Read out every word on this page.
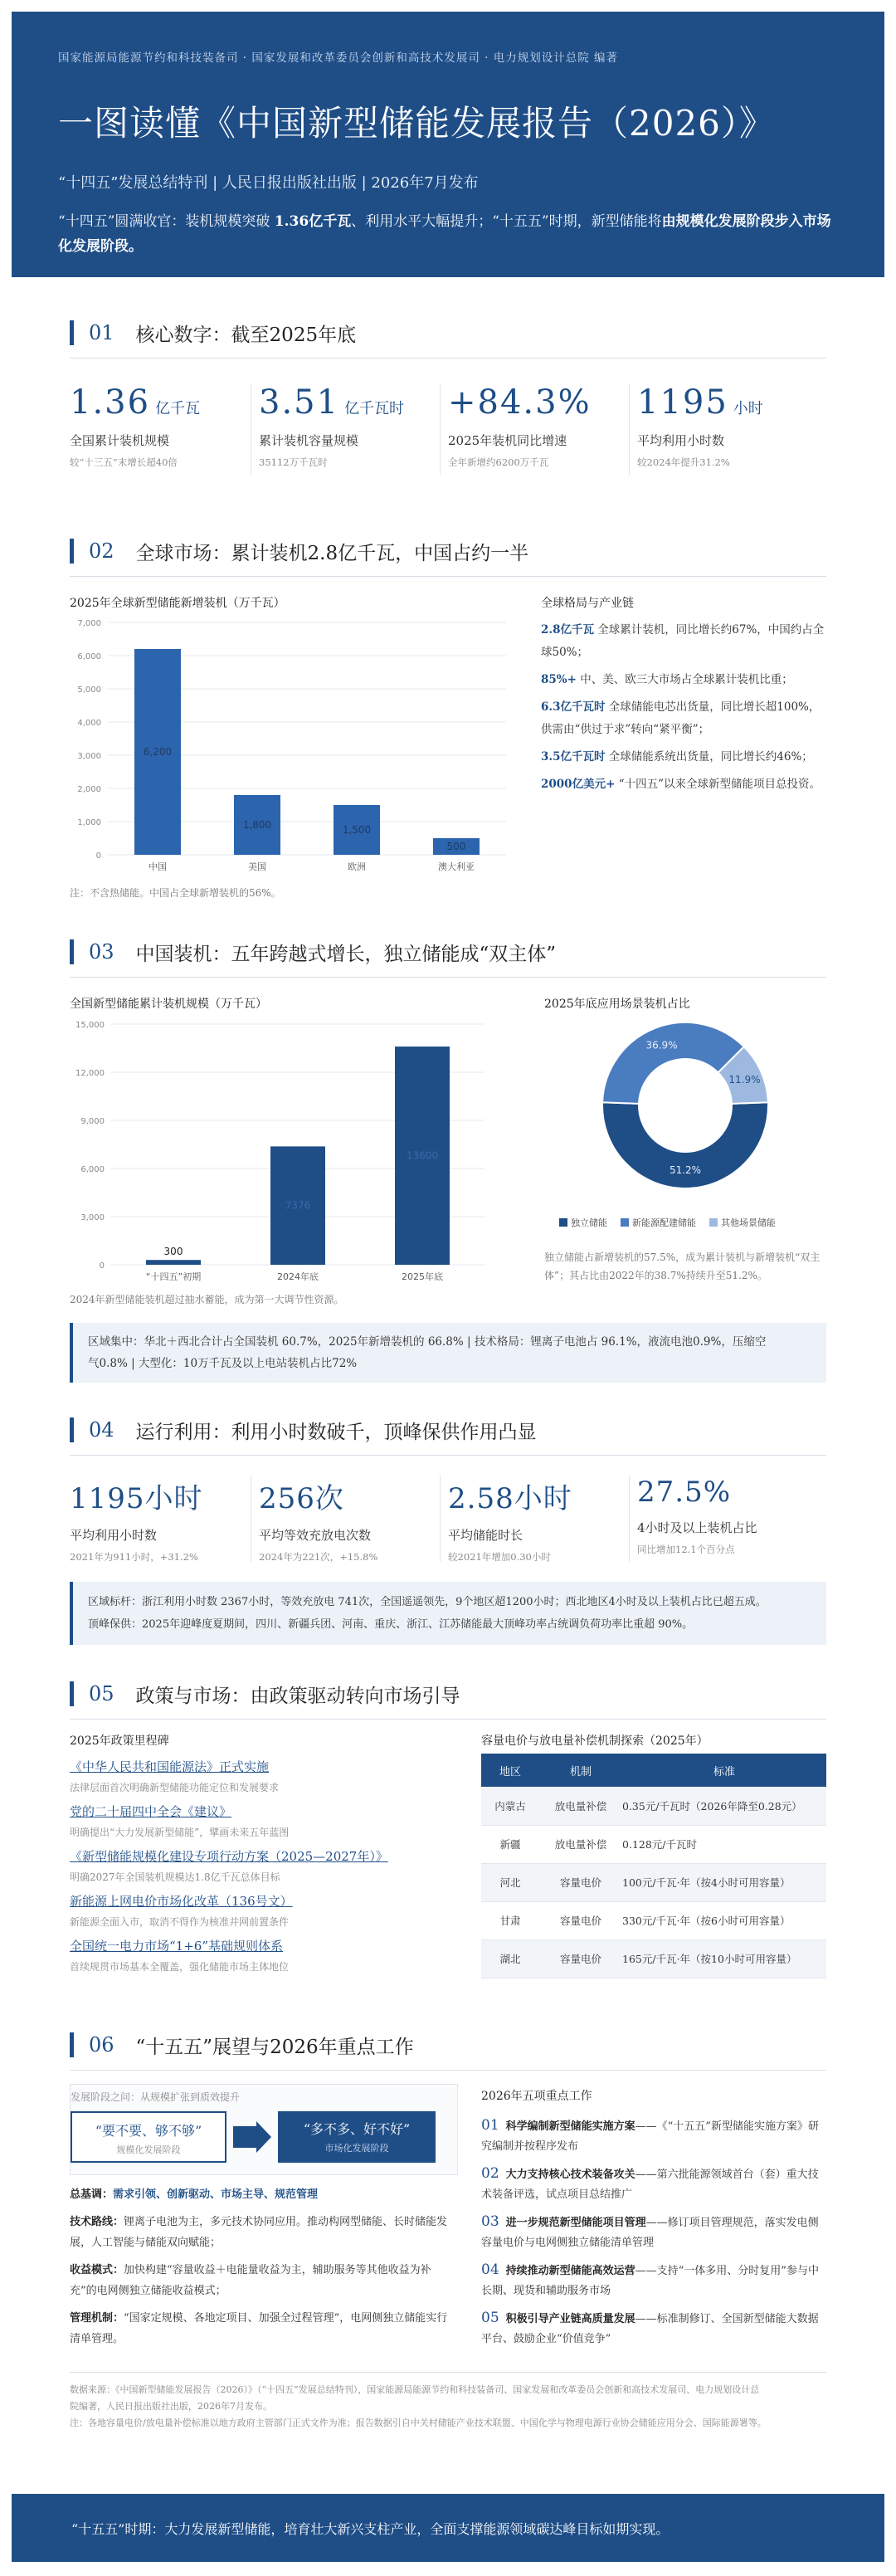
国家能源局能源节约和科技装备司 · 国家发展和改革委员会创新和高技术发展司 · 电力规划设计总院 编著
一图读懂《中国新型储能发展报告（2026）》
“十四五”发展总结特刊 | 人民日报出版社出版 | 2026年7月发布
“十四五”圆满收官：装机规模突破 1.36亿千瓦、利用水平大幅提升；“十五五”时期，新型储能将由规模化发展阶段步入市场化发展阶段。
01 核心数字：截至2025年底
1.36 亿千瓦
全国累计装机规模
较“十三五”末增长超40倍
3.51 亿千瓦时
累计装机容量规模
35112万千瓦时
+84.3%
2025年装机同比增速
全年新增约6200万千瓦
1195 小时
平均利用小时数
较2024年提升31.2%
02 全球市场：累计装机2.8亿千瓦，中国占约一半
2025年全球新型储能新增装机（万千瓦）
0
1,000
2,000
3,000
4,000
5,000
6,000
7,000
6,200
中国
1,800
美国
1,500
欧洲
500
澳大利亚
注：不含热储能。中国占全球新增装机的56%。
全球格局与产业链
2.8亿千瓦 全球累计装机，同比增长约67%，中国约占全球50%；
85%+ 中、美、欧三大市场占全球累计装机比重；
6.3亿千瓦时 全球储能电芯出货量，同比增长超100%，供需由“供过于求”转向“紧平衡”；
3.5亿千瓦时 全球储能系统出货量，同比增长约46%；
2000亿美元+ “十四五”以来全球新型储能项目总投资。
03 中国装机：五年跨越式增长，独立储能成“双主体”
全国新型储能累计装机规模（万千瓦）
0
3,000
6,000
9,000
12,000
15,000
300
“十四五”初期
7376
2024年底
13600
2025年底
2024年新型储能装机超过抽水蓄能，成为第一大调节性资源。
2025年底应用场景装机占比
51.2%
36.9%
11.9%
独立储能	新能源配建储能	其他场景储能
独立储能占新增装机的57.5%，成为累计装机与新增装机“双主体”；其占比由2022年的38.7%持续升至51.2%。
区域集中：华北＋西北合计占全国装机 60.7%，2025年新增装机的 66.8% | 技术格局：锂离子电池占 96.1%，液流电池0.9%，压缩空
气0.8% | 大型化：10万千瓦及以上电站装机占比72%
04 运行利用：利用小时数破千，顶峰保供作用凸显
1195小时
平均利用小时数
2021年为911小时，+31.2%
256次
平均等效充放电次数
2024年为221次，+15.8%
2.58小时
平均储能时长
较2021年增加0.30小时
27.5%
4小时及以上装机占比
同比增加12.1个百分点
区域标杆：浙江利用小时数 2367小时，等效充放电 741次，全国遥遥领先，9个地区超1200小时；西北地区4小时及以上装机占比已超五成。
顶峰保供：2025年迎峰度夏期间，四川、新疆兵团、河南、重庆、浙江、江苏储能最大顶峰功率占统调负荷功率比重超 90%。
05 政策与市场：由政策驱动转向市场引导
2025年政策里程碑
《中华人民共和国能源法》正式实施
法律层面首次明确新型储能功能定位和发展要求
党的二十届四中全会《建议》
明确提出“大力发展新型储能”，擘画未来五年蓝图
《新型储能规模化建设专项行动方案（2025—2027年）》
明确2027年全国装机规模达1.8亿千瓦总体目标
新能源上网电价市场化改革（136号文）
新能源全面入市，取消不得作为核准并网前置条件
全国统一电力市场“1+6”基础规则体系
首续规贯市场基本全覆盖，强化储能市场主体地位
容量电价与放电量补偿机制探索（2025年）
地区	机制	标准
内蒙古	放电量补偿	0.35元/千瓦时（2026年降至0.28元）
新疆	放电量补偿	0.128元/千瓦时
河北	容量电价	100元/千瓦·年（按4小时可用容量）
甘肃	容量电价	330元/千瓦·年（按6小时可用容量）
湖北	容量电价	165元/千瓦·年（按10小时可用容量）
06 “十五五”展望与2026年重点工作
发展阶段之问：从规模扩张到质效提升
“要不要、够不够”
规模化发展阶段
“多不多、好不好”
市场化发展阶段
总基调：需求引领、创新驱动、市场主导、规范管理
技术路线：锂离子电池为主，多元技术协同应用。推动构网型储能、长时储能发展，人工智能与储能双向赋能；
收益模式：加快构建“容量收益＋电能量收益为主，辅助服务等其他收益为补充”的电网侧独立储能收益模式；
管理机制：“国家定规模、各地定项目、加强全过程管理”，电网侧独立储能实行清单管理。
2026年五项重点工作
01 科学编制新型储能实施方案——《“十五五”新型储能实施方案》研究编制并按程序发布
02 大力支持核心技术装备攻关——第六批能源领域首台（套）重大技术装备评选，试点项目总结推广
03 进一步规范新型储能项目管理——修订项目管理规范，落实发电侧容量电价与电网侧独立储能清单管理
04 持续推动新型储能高效运营——支持“一体多用、分时复用”参与中长期、现货和辅助服务市场
05 积极引导产业链高质量发展——标准制修订、全国新型储能大数据平台、鼓励企业“价值竞争”
数据来源：《中国新型储能发展报告（2026）》（“十四五”发展总结特刊），国家能源局能源节约和科技装备司、国家发展和改革委员会创新和高技术发展司、电力规划设计总
院编著，人民日报出版社出版，2026年7月发布。
注：各地容量电价/放电量补偿标准以地方政府主管部门正式文件为准；报告数据引自中关村储能产业技术联盟、中国化学与物理电源行业协会储能应用分会、国际能源署等。
“十五五”时期：大力发展新型储能，培育壮大新兴支柱产业，全面支撑能源领域碳达峰目标如期实现。
